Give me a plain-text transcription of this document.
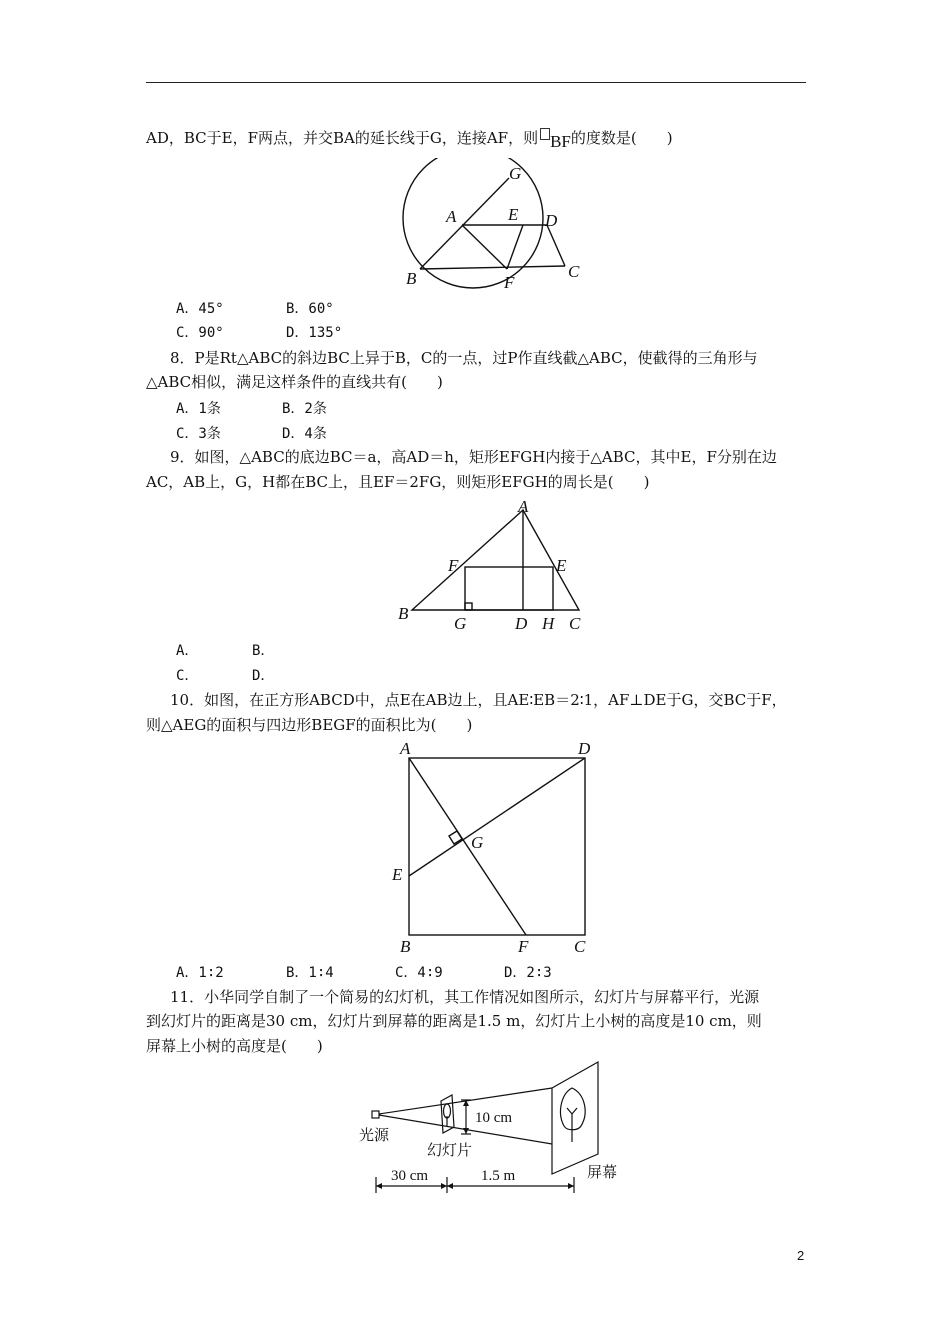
AD，BC于E，F两点，并交BA的延长线于G，连接AF，则 BF的度数是(　　)
G
A	E D
B	F
C
A．45°	B．60°
C．90°	D．135°
8．P是Rt△ABC的斜边BC上异于B，C的一点，过P作直线截△ABC，使截得的三角形与
△ABC相似，满足这样条件的直线共有(　　)
A．1条	B．2条
C．3条	D．4条
9．如图，△ABC的底边BC＝a，高AD＝h，矩形EFGH内接于△ABC，其中E，F分别在边
AC，AB上，G，H都在BC上，且EF＝2FG，则矩形EFGH的周长是(　　)
A
F	E
B
G	D H C
A．	B．
C．	D．
10．如图，在正方形ABCD中，点E在AB边上，且AE∶EB＝2∶1，AF⊥DE于G，交BC于F，
则△AEG的面积与四边形BEGF的面积比为(　　)
A	D
G
E
B	F	C
A．1∶2	B．1∶4	C．4∶9	D．2∶3
11．小华同学自制了一个简易的幻灯机，其工作情况如图所示，幻灯片与屏幕平行，光源
到幻灯片的距离是30 cm，幻灯片到屏幕的距离是1.5 m，幻灯片上小树的高度是10 cm，则
屏幕上小树的高度是(　　)
10 cm
光源
幻灯片
屏幕
30 cm	1.5 m
2
